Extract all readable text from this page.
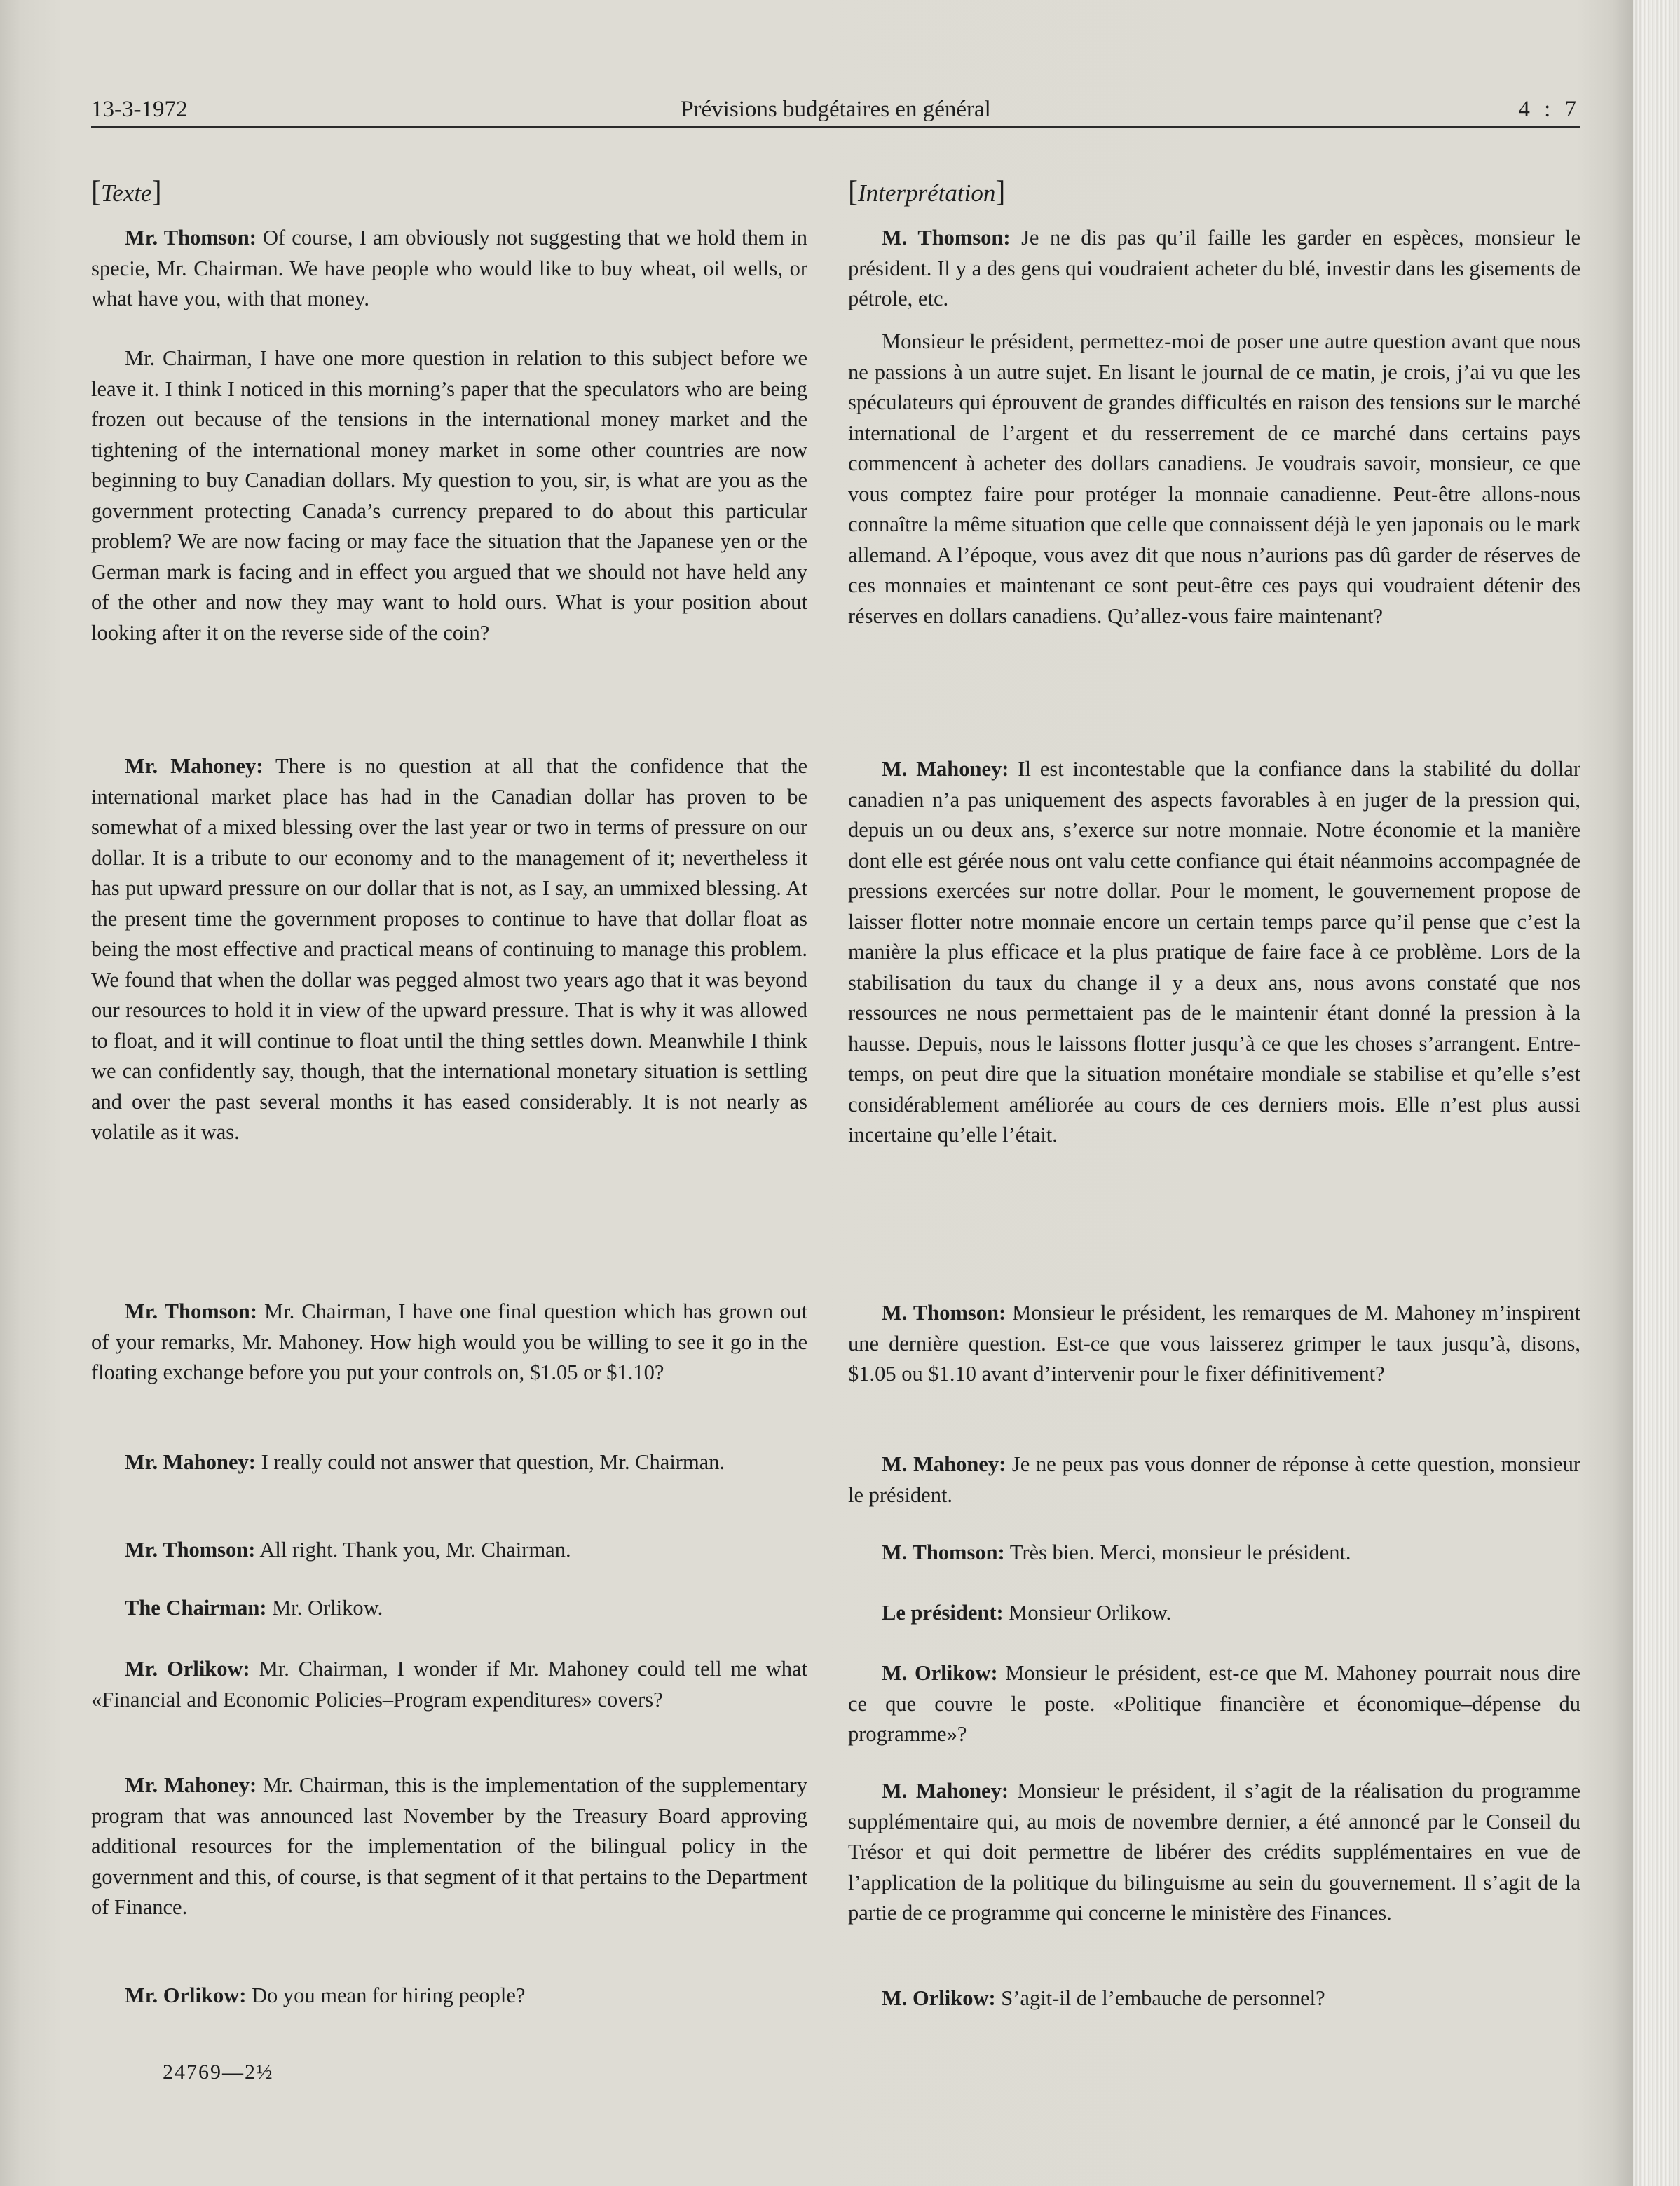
13-3-1972	Prévisions budgétaires en général	4 : 7
[Texte]

Mr. Thomson: Of course, I am obviously not suggesting that we hold them in specie, Mr. Chairman. We have people who would like to buy wheat, oil wells, or what have you, with that money.

Mr. Chairman, I have one more question in relation to this subject before we leave it. I think I noticed in this morning’s paper that the speculators who are being frozen out because of the tensions in the international money market and the tightening of the international money market in some other countries are now beginning to buy Canadian dollars. My question to you, sir, is what are you as the government protecting Canada’s currency prepared to do about this particular problem? We are now facing or may face the situation that the Japanese yen or the German mark is facing and in effect you argued that we should not have held any of the other and now they may want to hold ours. What is your position about looking after it on the reverse side of the coin?

Mr. Mahoney: There is no question at all that the confidence that the international market place has had in the Canadian dollar has proven to be somewhat of a mixed blessing over the last year or two in terms of pressure on our dollar. It is a tribute to our economy and to the management of it; nevertheless it has put upward pressure on our dollar that is not, as I say, an ummixed blessing. At the present time the government proposes to continue to have that dollar float as being the most effective and practical means of continuing to manage this problem. We found that when the dollar was pegged almost two years ago that it was beyond our resources to hold it in view of the upward pressure. That is why it was allowed to float, and it will continue to float until the thing settles down. Meanwhile I think we can confidently say, though, that the international monetary situation is settling and over the past several months it has eased considerably. It is not nearly as volatile as it was.

Mr. Thomson: Mr. Chairman, I have one final question which has grown out of your remarks, Mr. Mahoney. How high would you be willing to see it go in the floating exchange before you put your controls on, $1.05 or $1.10?

Mr. Mahoney: I really could not answer that question, Mr. Chairman.

Mr. Thomson: All right. Thank you, Mr. Chairman.

The Chairman: Mr. Orlikow.

Mr. Orlikow: Mr. Chairman, I wonder if Mr. Mahoney could tell me what «Financial and Economic Policies–Program expenditures» covers?

Mr. Mahoney: Mr. Chairman, this is the implementation of the supplementary program that was announced last November by the Treasury Board approving additional resources for the implementation of the bilingual policy in the government and this, of course, is that segment of it that pertains to the Department of Finance.

Mr. Orlikow: Do you mean for hiring people?

[Interprétation]

M. Thomson: Je ne dis pas qu’il faille les garder en espèces, monsieur le président. Il y a des gens qui voudraient acheter du blé, investir dans les gisements de pétrole, etc.

Monsieur le président, permettez-moi de poser une autre question avant que nous ne passions à un autre sujet. En lisant le journal de ce matin, je crois, j’ai vu que les spéculateurs qui éprouvent de grandes difficultés en raison des tensions sur le marché international de l’argent et du resserrement de ce marché dans certains pays commencent à acheter des dollars canadiens. Je voudrais savoir, monsieur, ce que vous comptez faire pour protéger la monnaie canadienne. Peut-être allons-nous connaître la même situation que celle que connaissent déjà le yen japonais ou le mark allemand. A l’époque, vous avez dit que nous n’aurions pas dû garder de réserves de ces monnaies et maintenant ce sont peut-être ces pays qui voudraient détenir des réserves en dollars canadiens. Qu’allez-vous faire maintenant?

M. Mahoney: Il est incontestable que la confiance dans la stabilité du dollar canadien n’a pas uniquement des aspects favorables à en juger de la pression qui, depuis un ou deux ans, s’exerce sur notre monnaie. Notre économie et la manière dont elle est gérée nous ont valu cette confiance qui était néanmoins accompagnée de pressions exercées sur notre dollar. Pour le moment, le gouvernement propose de laisser flotter notre monnaie encore un certain temps parce qu’il pense que c’est la manière la plus efficace et la plus pratique de faire face à ce problème. Lors de la stabilisation du taux du change il y a deux ans, nous avons constaté que nos ressources ne nous permettaient pas de le maintenir étant donné la pression à la hausse. Depuis, nous le laissons flotter jusqu’à ce que les choses s’arrangent. Entre-temps, on peut dire que la situation monétaire mondiale se stabilise et qu’elle s’est considérablement améliorée au cours de ces derniers mois. Elle n’est plus aussi incertaine qu’elle l’était.

M. Thomson: Monsieur le président, les remarques de M. Mahoney m’inspirent une dernière question. Est-ce que vous laisserez grimper le taux jusqu’à, disons, $1.05 ou $1.10 avant d’intervenir pour le fixer définitivement?

M. Mahoney: Je ne peux pas vous donner de réponse à cette question, monsieur le président.

M. Thomson: Très bien. Merci, monsieur le président.

Le président: Monsieur Orlikow.

M. Orlikow: Monsieur le président, est-ce que M. Mahoney pourrait nous dire ce que couvre le poste. «Politique financière et économique–dépense du programme»?

M. Mahoney: Monsieur le président, il s’agit de la réalisation du programme supplémentaire qui, au mois de novembre dernier, a été annoncé par le Conseil du Trésor et qui doit permettre de libérer des crédits supplémentaires en vue de l’application de la politique du bilinguisme au sein du gouvernement. Il s’agit de la partie de ce programme qui concerne le ministère des Finances.

M. Orlikow: S’agit-il de l’embauche de personnel?

24769—2½
